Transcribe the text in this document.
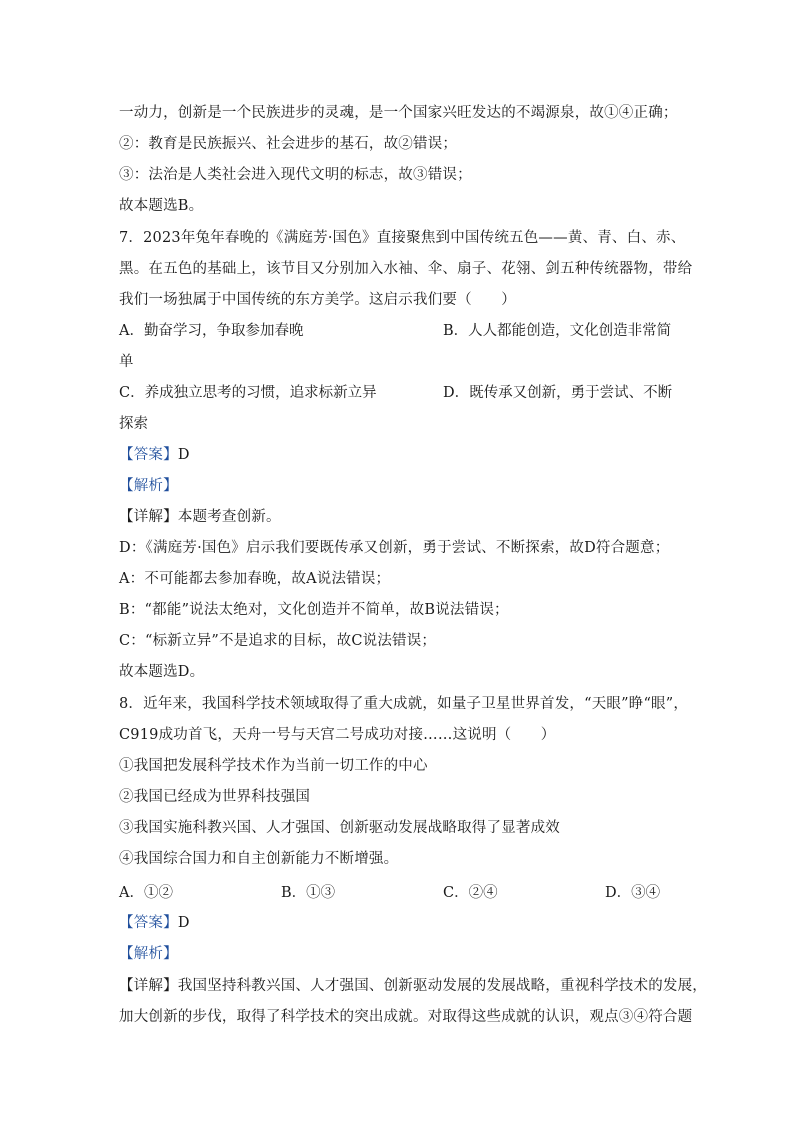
一动力，创新是一个民族进步的灵魂，是一个国家兴旺发达的不竭源泉，故①④正确；
②：教育是民族振兴、社会进步的基石，故②错误；
③：法治是人类社会进入现代文明的标志，故③错误；
故本题选B。
7．2023年兔年春晚的《满庭芳·国色》直接聚焦到中国传统五色——黄、青、白、赤、
黑。在五色的基础上，该节目又分别加入水袖、伞、扇子、花翎、剑五种传统器物，带给
我们一场独属于中国传统的东方美学。这启示我们要（　　）
A．勤奋学习，争取参加春晚	B．人人都能创造，文化创造非常简
单
C．养成独立思考的习惯，追求标新立异	D．既传承又创新，勇于尝试、不断
探索
【答案】D
【解析】
【详解】本题考查创新。
D：《满庭芳·国色》启示我们要既传承又创新，勇于尝试、不断探索，故D符合题意；
A：不可能都去参加春晚，故A说法错误；
B：“都能”说法太绝对，文化创造并不简单，故B说法错误；
C：“标新立异”不是追求的目标，故C说法错误；
故本题选D。
8．近年来，我国科学技术领域取得了重大成就，如量子卫星世界首发，“天眼”睁“眼”，
C919成功首飞，天舟一号与天宫二号成功对接……这说明（　　）
①我国把发展科学技术作为当前一切工作的中心
②我国已经成为世界科技强国
③我国实施科教兴国、人才强国、创新驱动发展战略取得了显著成效
④我国综合国力和自主创新能力不断增强。
A．①②	B．①③	C．②④	D．③④
【答案】D
【解析】
【详解】我国坚持科教兴国、人才强国、创新驱动发展的发展战略，重视科学技术的发展，
加大创新的步伐，取得了科学技术的突出成就。对取得这些成就的认识，观点③④符合题
